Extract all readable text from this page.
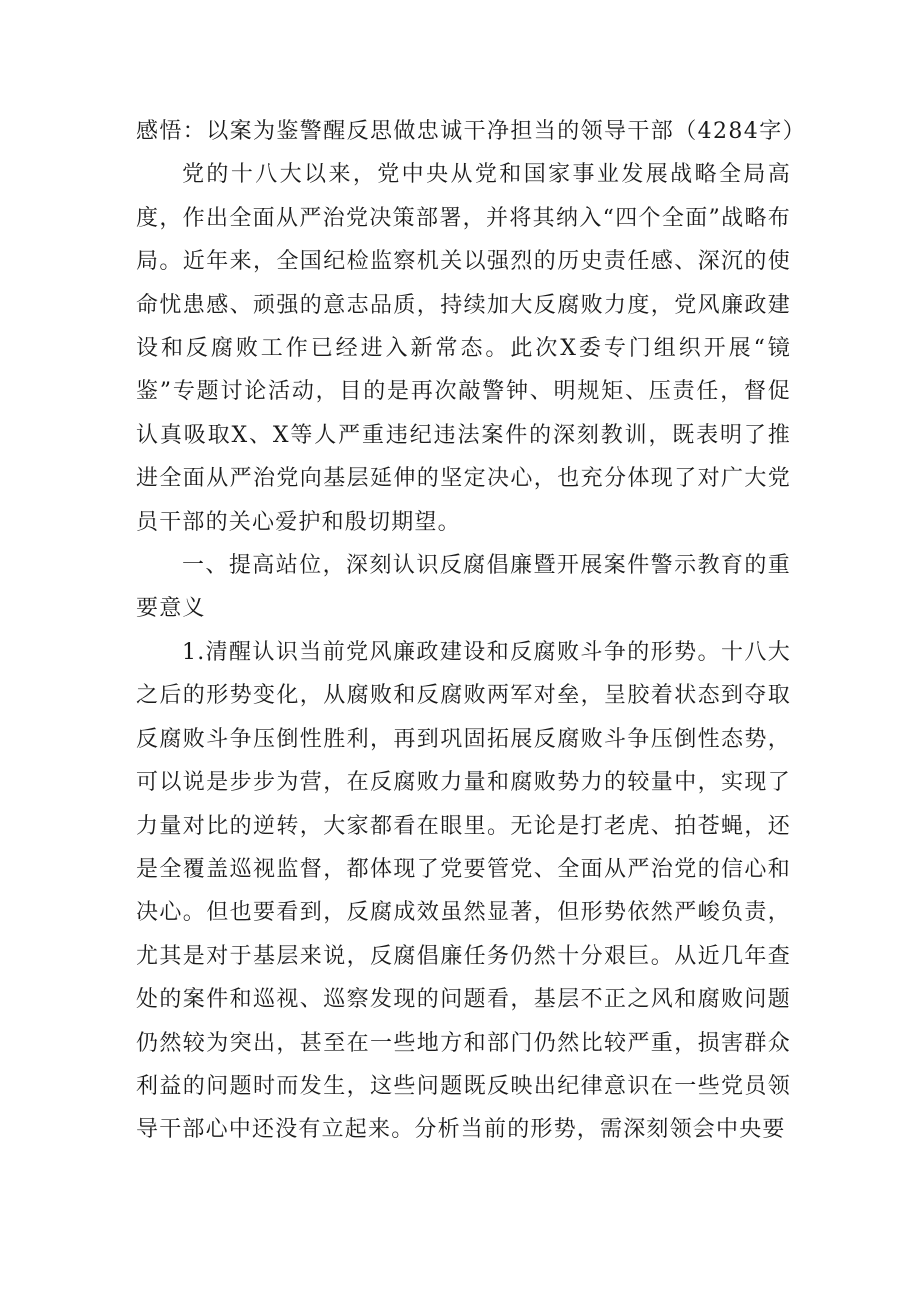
感悟：以案为鉴警醒反思做忠诚干净担当的领导干部（4284字）

党的十八大以来，党中央从党和国家事业发展战略全局高度，作出全面从严治党决策部署，并将其纳入“四个全面”战略布局。近年来，全国纪检监察机关以强烈的历史责任感、深沉的使命忧患感、顽强的意志品质，持续加大反腐败力度，党风廉政建设和反腐败工作已经进入新常态。此次X委专门组织开展“镜鉴”专题讨论活动，目的是再次敲警钟、明规矩、压责任，督促认真吸取X、X等人严重违纪违法案件的深刻教训，既表明了推进全面从严治党向基层延伸的坚定决心，也充分体现了对广大党员干部的关心爱护和殷切期望。

一、提高站位，深刻认识反腐倡廉暨开展案件警示教育的重要意义

1.清醒认识当前党风廉政建设和反腐败斗争的形势。十八大之后的形势变化，从腐败和反腐败两军对垒，呈胶着状态到夺取反腐败斗争压倒性胜利，再到巩固拓展反腐败斗争压倒性态势，可以说是步步为营，在反腐败力量和腐败势力的较量中，实现了力量对比的逆转，大家都看在眼里。无论是打老虎、拍苍蝇，还是全覆盖巡视监督，都体现了党要管党、全面从严治党的信心和决心。但也要看到，反腐成效虽然显著，但形势依然严峻负责，尤其是对于基层来说，反腐倡廉任务仍然十分艰巨。从近几年查处的案件和巡视、巡察发现的问题看，基层不正之风和腐败问题仍然较为突出，甚至在一些地方和部门仍然比较严重，损害群众利益的问题时而发生，这些问题既反映出纪律意识在一些党员领导干部心中还没有立起来。分析当前的形势，需深刻领会中央要
